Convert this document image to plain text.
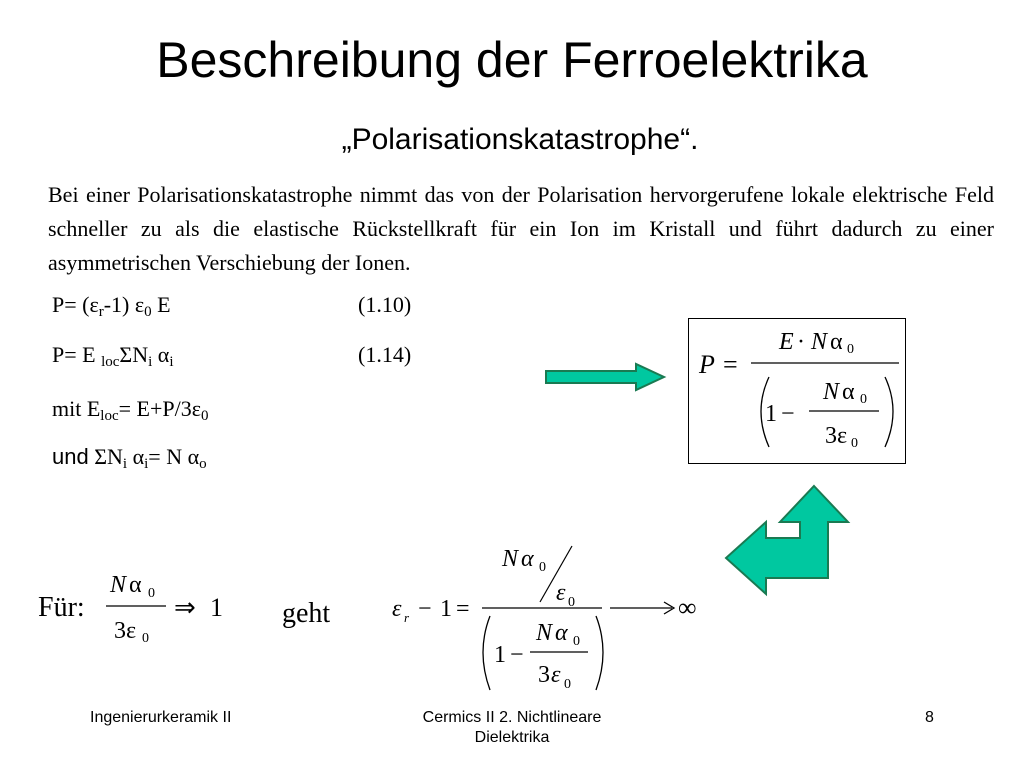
Beschreibung der Ferroelektrika
„Polarisationskatastrophe“.
Bei einer Polarisationskatastrophe nimmt das von der Polarisation hervorgerufene lokale elektrische Feld schneller zu als die elastische Rückstellkraft für ein Ion im Kristall und führt dadurch zu einer asymmetrischen Verschiebung der Ionen.
$P= (\varepsilon_r-1)$ $\varepsilon_0$ E	(1.10)
P= E $_{loc}\Sigma N_i$ $\alpha_i$	(1.14)
mit $E_{loc}= E+P/3\varepsilon_0$
und $\Sigma N_i$ $\alpha_i= N$ $\alpha_o$
P =
E · N α 0
1 −
N α 0
3ε 0
Für:
N α 0
3ε 0
⇒ 1 geht	ε r − 1 =
N α 0
ε 0
1 −
N α 0
3 ε 0
∞
Ingenierurkeramik II	Cermics II 2. Nichtlineare
Dielektrika
8
